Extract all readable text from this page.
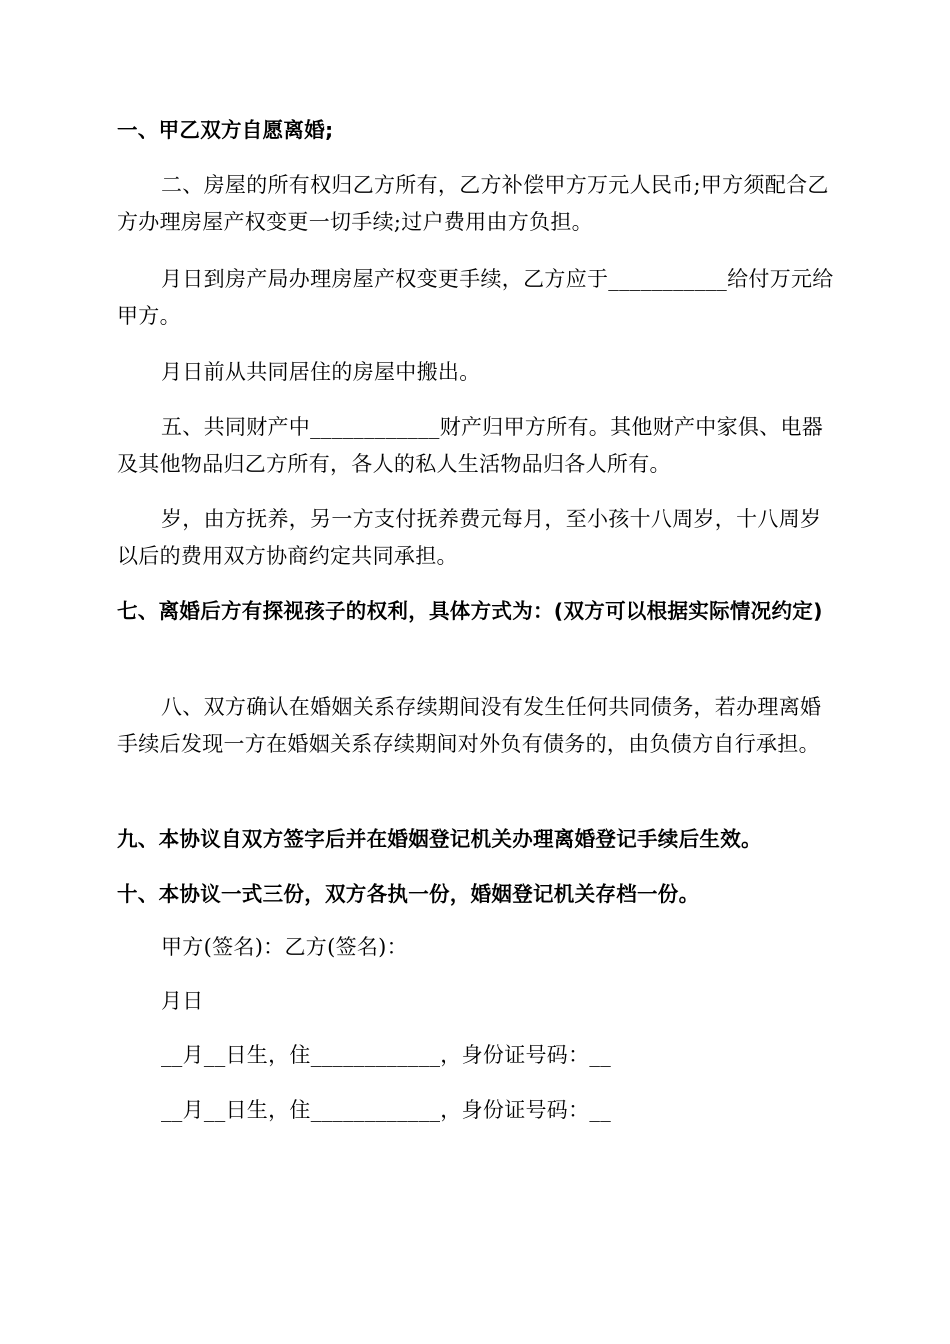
一、甲乙双方自愿离婚;

二、房屋的所有权归乙方所有，乙方补偿甲方万元人民币;甲方须配合乙方办理房屋产权变更一切手续;过户费用由方负担。

月日到房产局办理房屋产权变更手续，乙方应于___________给付万元给甲方。

月日前从共同居住的房屋中搬出。

五、共同财产中____________财产归甲方所有。其他财产中家俱、电器及其他物品归乙方所有，各人的私人生活物品归各人所有。

岁，由方抚养，另一方支付抚养费元每月，至小孩十八周岁，十八周岁以后的费用双方协商约定共同承担。

七、离婚后方有探视孩子的权利，具体方式为：(双方可以根据实际情况约定)

八、双方确认在婚姻关系存续期间没有发生任何共同债务，若办理离婚手续后发现一方在婚姻关系存续期间对外负有债务的，由负债方自行承担。

九、本协议自双方签字后并在婚姻登记机关办理离婚登记手续后生效。

十、本协议一式三份，双方各执一份，婚姻登记机关存档一份。

甲方(签名)：乙方(签名)：

月日

__月__日生，住____________，身份证号码：__

__月__日生，住____________，身份证号码：__
